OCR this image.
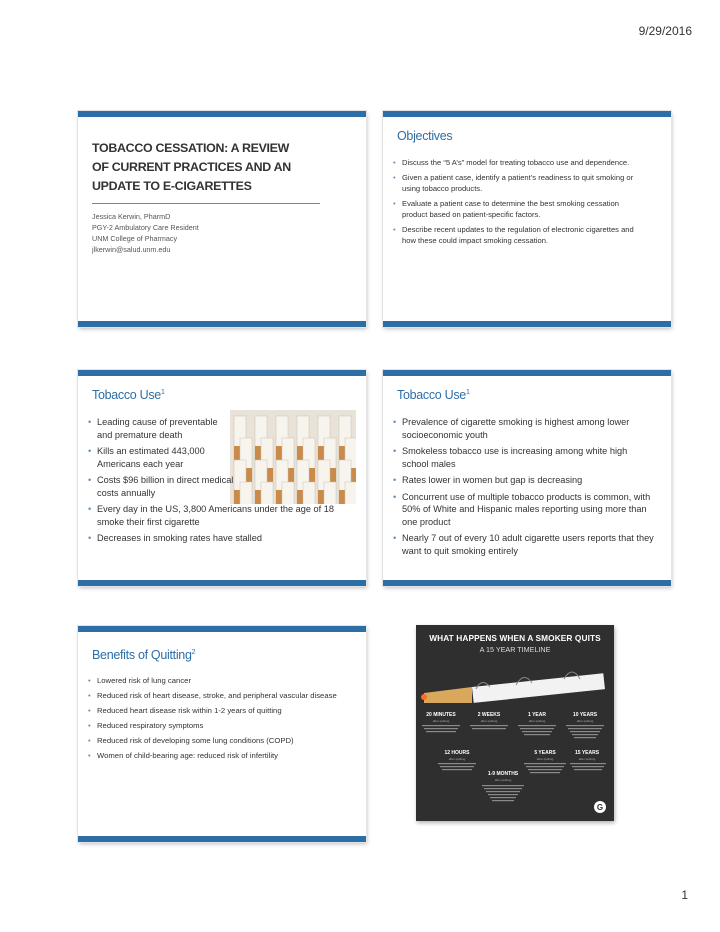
9/29/2016
TOBACCO CESSATION: A REVIEW
OF CURRENT PRACTICES AND AN
UPDATE TO E-CIGARETTES
Jessica Kerwin, PharmD
PGY-2 Ambulatory Care Resident
UNM College of Pharmacy
jlkerwin@salud.unm.edu
Objectives
• Discuss the “5 A’s” model for treating tobacco use and dependence.
• Given a patient case, identify a patient’s readiness to quit smoking or using tobacco products.
• Evaluate a patient case to determine the best smoking cessation product based on patient-specific factors.
• Describe recent updates to the regulation of electronic cigarettes and how these could impact smoking cessation.
Tobacco Use$^1$
• Leading cause of preventable and premature death
• Kills an estimated 443,000 Americans each year
• Costs $96 billion in direct medical costs annually
• Every day in the US, 3,800 Americans under the age of 18 smoke their first cigarette
• Decreases in smoking rates have stalled
Tobacco Use$^1$
• Prevalence of cigarette smoking is highest among lower socioeconomic youth
• Smokeless tobacco use is increasing among white high school males
• Rates lower in women but gap is decreasing
• Concurrent use of multiple tobacco products is common, with 50% of White and Hispanic males reporting using more than one product
• Nearly 7 out of every 10 adult cigarette users reports that they want to quit smoking entirely
Benefits of Quitting$^2$
• Lowered risk of lung cancer
• Reduced risk of heart disease, stroke, and peripheral vascular disease
• Reduced heart disease risk within 1-2 years of quitting
• Reduced respiratory symptoms
• Reduced risk of developing some lung conditions (COPD)
• Women of child-bearing age: reduced risk of infertility
WHAT HAPPENS WHEN A SMOKER QUITS
A 15 YEAR TIMELINE
20 MINUTES	2 WEEKS	1 YEAR	10 YEARS
after quitting	after quitting	after quitting	after quitting
12 HOURS	5 YEARS	15 YEARS
after quitting	after quitting	after quitting
1-9 MONTHS
after quitting
G
1
